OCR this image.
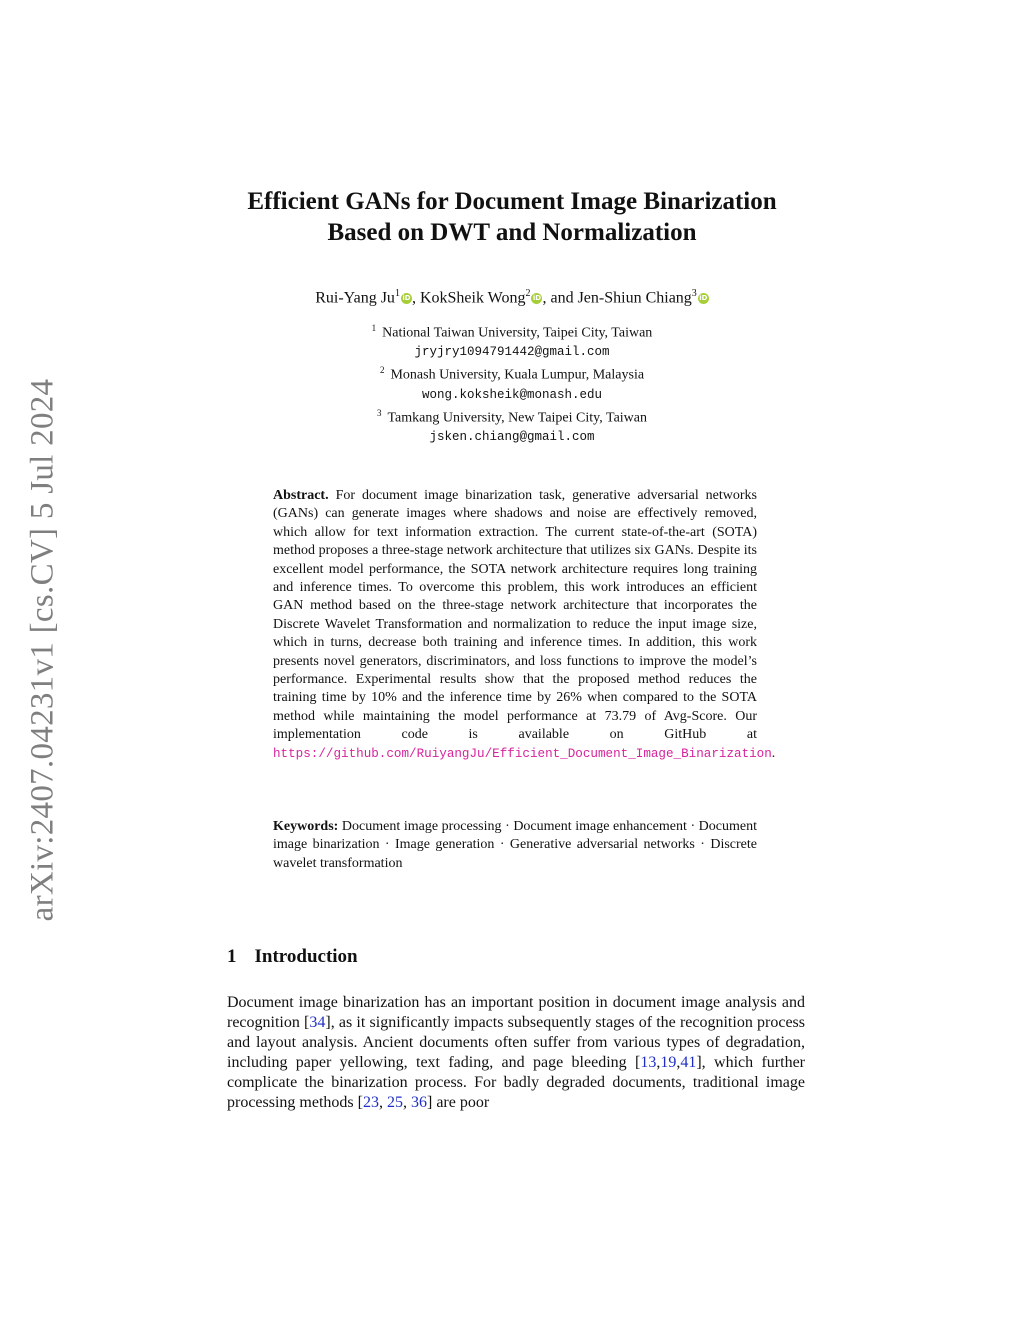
arXiv:2407.04231v1 [cs.CV] 5 Jul 2024
Efficient GANs for Document Image Binarization
Based on DWT and Normalization
Rui-Yang Ju$^1$ iD, KokSheik Wong$^2$ iD, and Jen-Shiun Chiang$^3$ iD
$^1$ National Taiwan University, Taipei City, Taiwan
jryjry1094791442@gmail.com
$^2$ Monash University, Kuala Lumpur, Malaysia
wong.koksheik@monash.edu
$^3$ Tamkang University, New Taipei City, Taiwan
jsken.chiang@gmail.com
Abstract. For document image binarization task, generative adversarial networks (GANs) can generate images where shadows and noise are effectively removed, which allow for text information extraction. The current state-of-the-art (SOTA) method proposes a three-stage network architecture that utilizes six GANs. Despite its excellent model performance, the SOTA network architecture requires long training and inference times. To overcome this problem, this work introduces an efficient GAN method based on the three-stage network architecture that incorporates the Discrete Wavelet Transformation and normalization to reduce the input image size, which in turns, decrease both training and inference times. In addition, this work presents novel generators, discriminators, and loss functions to improve the model’s performance. Experimental results show that the proposed method reduces the training time by 10% and the inference time by 26% when compared to the SOTA method while maintaining the model performance at 73.79 of Avg-Score. Our implementation code is available on GitHub at https://github.com/RuiyangJu/Efficient_Document_Image_Binarization.
Keywords: Document image processing · Document image enhancement · Document image binarization · Image generation · Generative adversarial networks · Discrete wavelet transformation
1 Introduction
Document image binarization has an important position in document image analysis and recognition [34], as it significantly impacts subsequently stages of the recognition process and layout analysis. Ancient documents often suffer from various types of degradation, including paper yellowing, text fading, and page bleeding [13,19,41], which further complicate the binarization process. For badly degraded documents, traditional image processing methods [23, 25, 36] are poor
